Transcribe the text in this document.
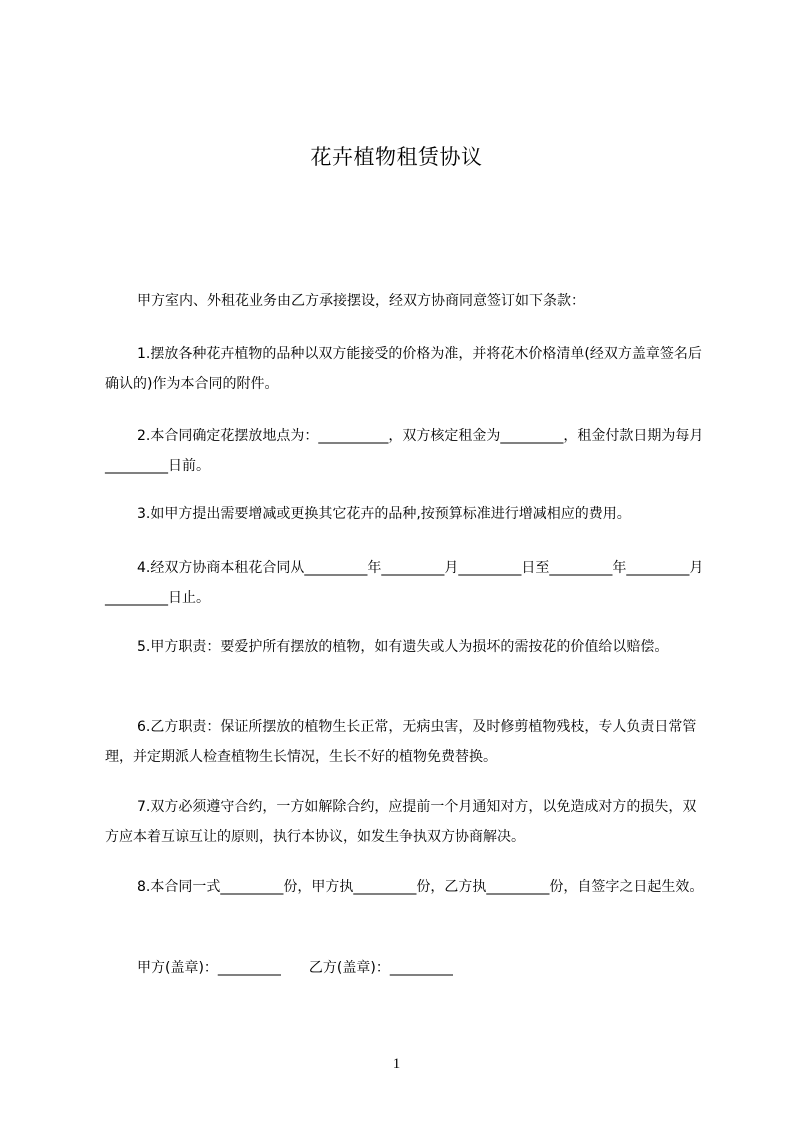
花卉植物租赁协议
甲方室内、外租花业务由乙方承接摆设，经双方协商同意签订如下条款：
1.摆放各种花卉植物的品种以双方能接受的价格为准，并将花木价格清单(经双方盖章签名后确认的)作为本合同的附件。
2.本合同确定花摆放地点为：__________，双方核定租金为_________，租金付款日期为每月_________日前。
3.如甲方提出需要增减或更换其它花卉的品种,按预算标准进行增减相应的费用。
4.经双方协商本租花合同从_________年_________月_________日至_________年_________月_________日止。
5.甲方职责：要爱护所有摆放的植物，如有遗失或人为损坏的需按花的价值给以赔偿。
6.乙方职责：保证所摆放的植物生长正常，无病虫害，及时修剪植物残枝，专人负责日常管理，并定期派人检查植物生长情况，生长不好的植物免费替换。
7.双方必须遵守合约，一方如解除合约，应提前一个月通知对方，以免造成对方的损失，双方应本着互谅互让的原则，执行本协议，如发生争执双方协商解决。
8.本合同一式_________份，甲方执_________份，乙方执_________份，自签字之日起生效。
甲方(盖章)：_________　　乙方(盖章)：_________
1
